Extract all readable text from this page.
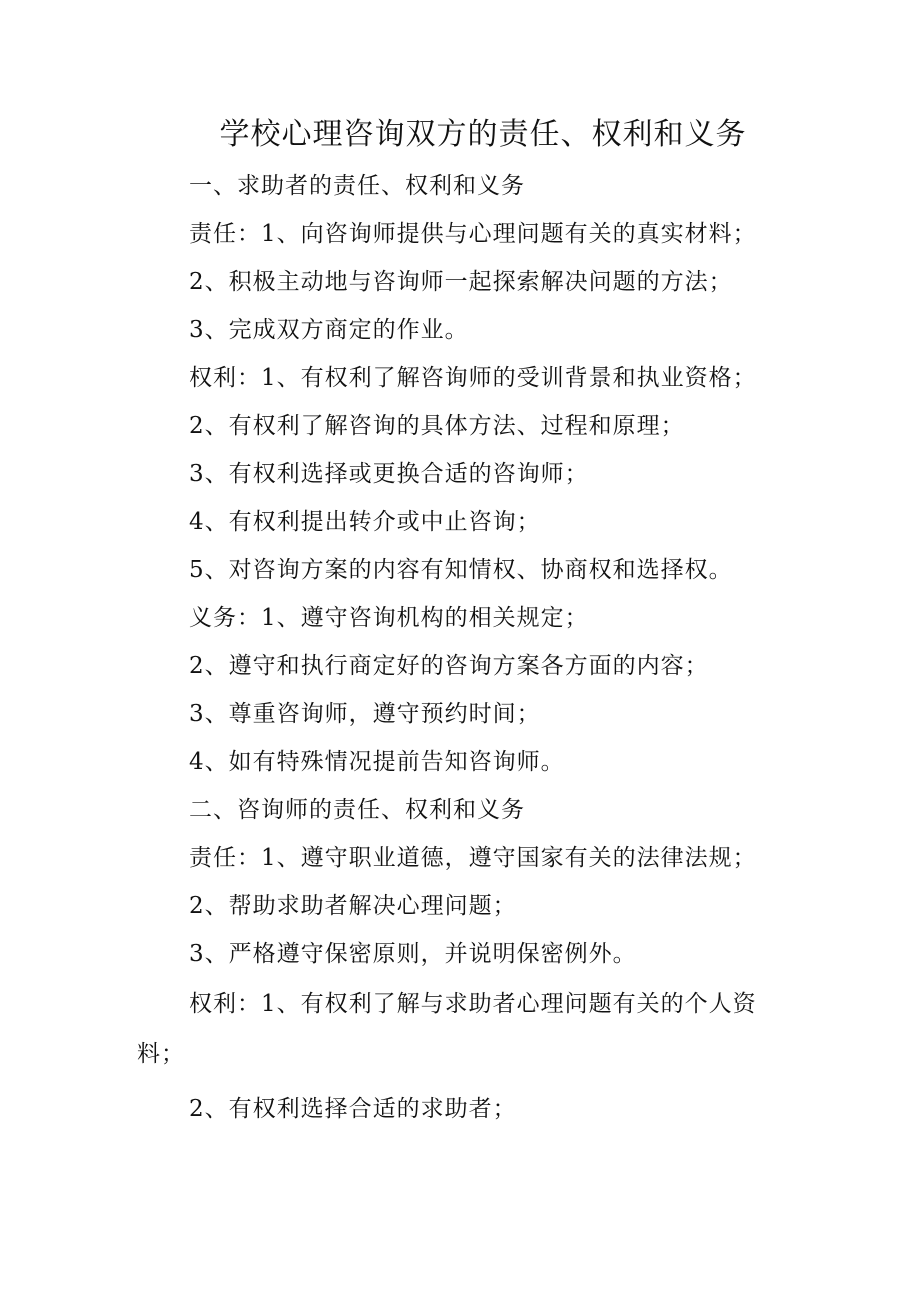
学校心理咨询双方的责任、权利和义务
一、求助者的责任、权利和义务
责任：1、向咨询师提供与心理问题有关的真实材料；
2、积极主动地与咨询师一起探索解决问题的方法；
3、完成双方商定的作业。
权利：1、有权利了解咨询师的受训背景和执业资格；
2、有权利了解咨询的具体方法、过程和原理；
3、有权利选择或更换合适的咨询师；
4、有权利提出转介或中止咨询；
5、对咨询方案的内容有知情权、协商权和选择权。
义务：1、遵守咨询机构的相关规定；
2、遵守和执行商定好的咨询方案各方面的内容；
3、尊重咨询师，遵守预约时间；
4、如有特殊情况提前告知咨询师。
二、咨询师的责任、权利和义务
责任：1、遵守职业道德，遵守国家有关的法律法规；
2、帮助求助者解决心理问题；
3、严格遵守保密原则，并说明保密例外。
权利：1、有权利了解与求助者心理问题有关的个人资
料；
2、有权利选择合适的求助者；
